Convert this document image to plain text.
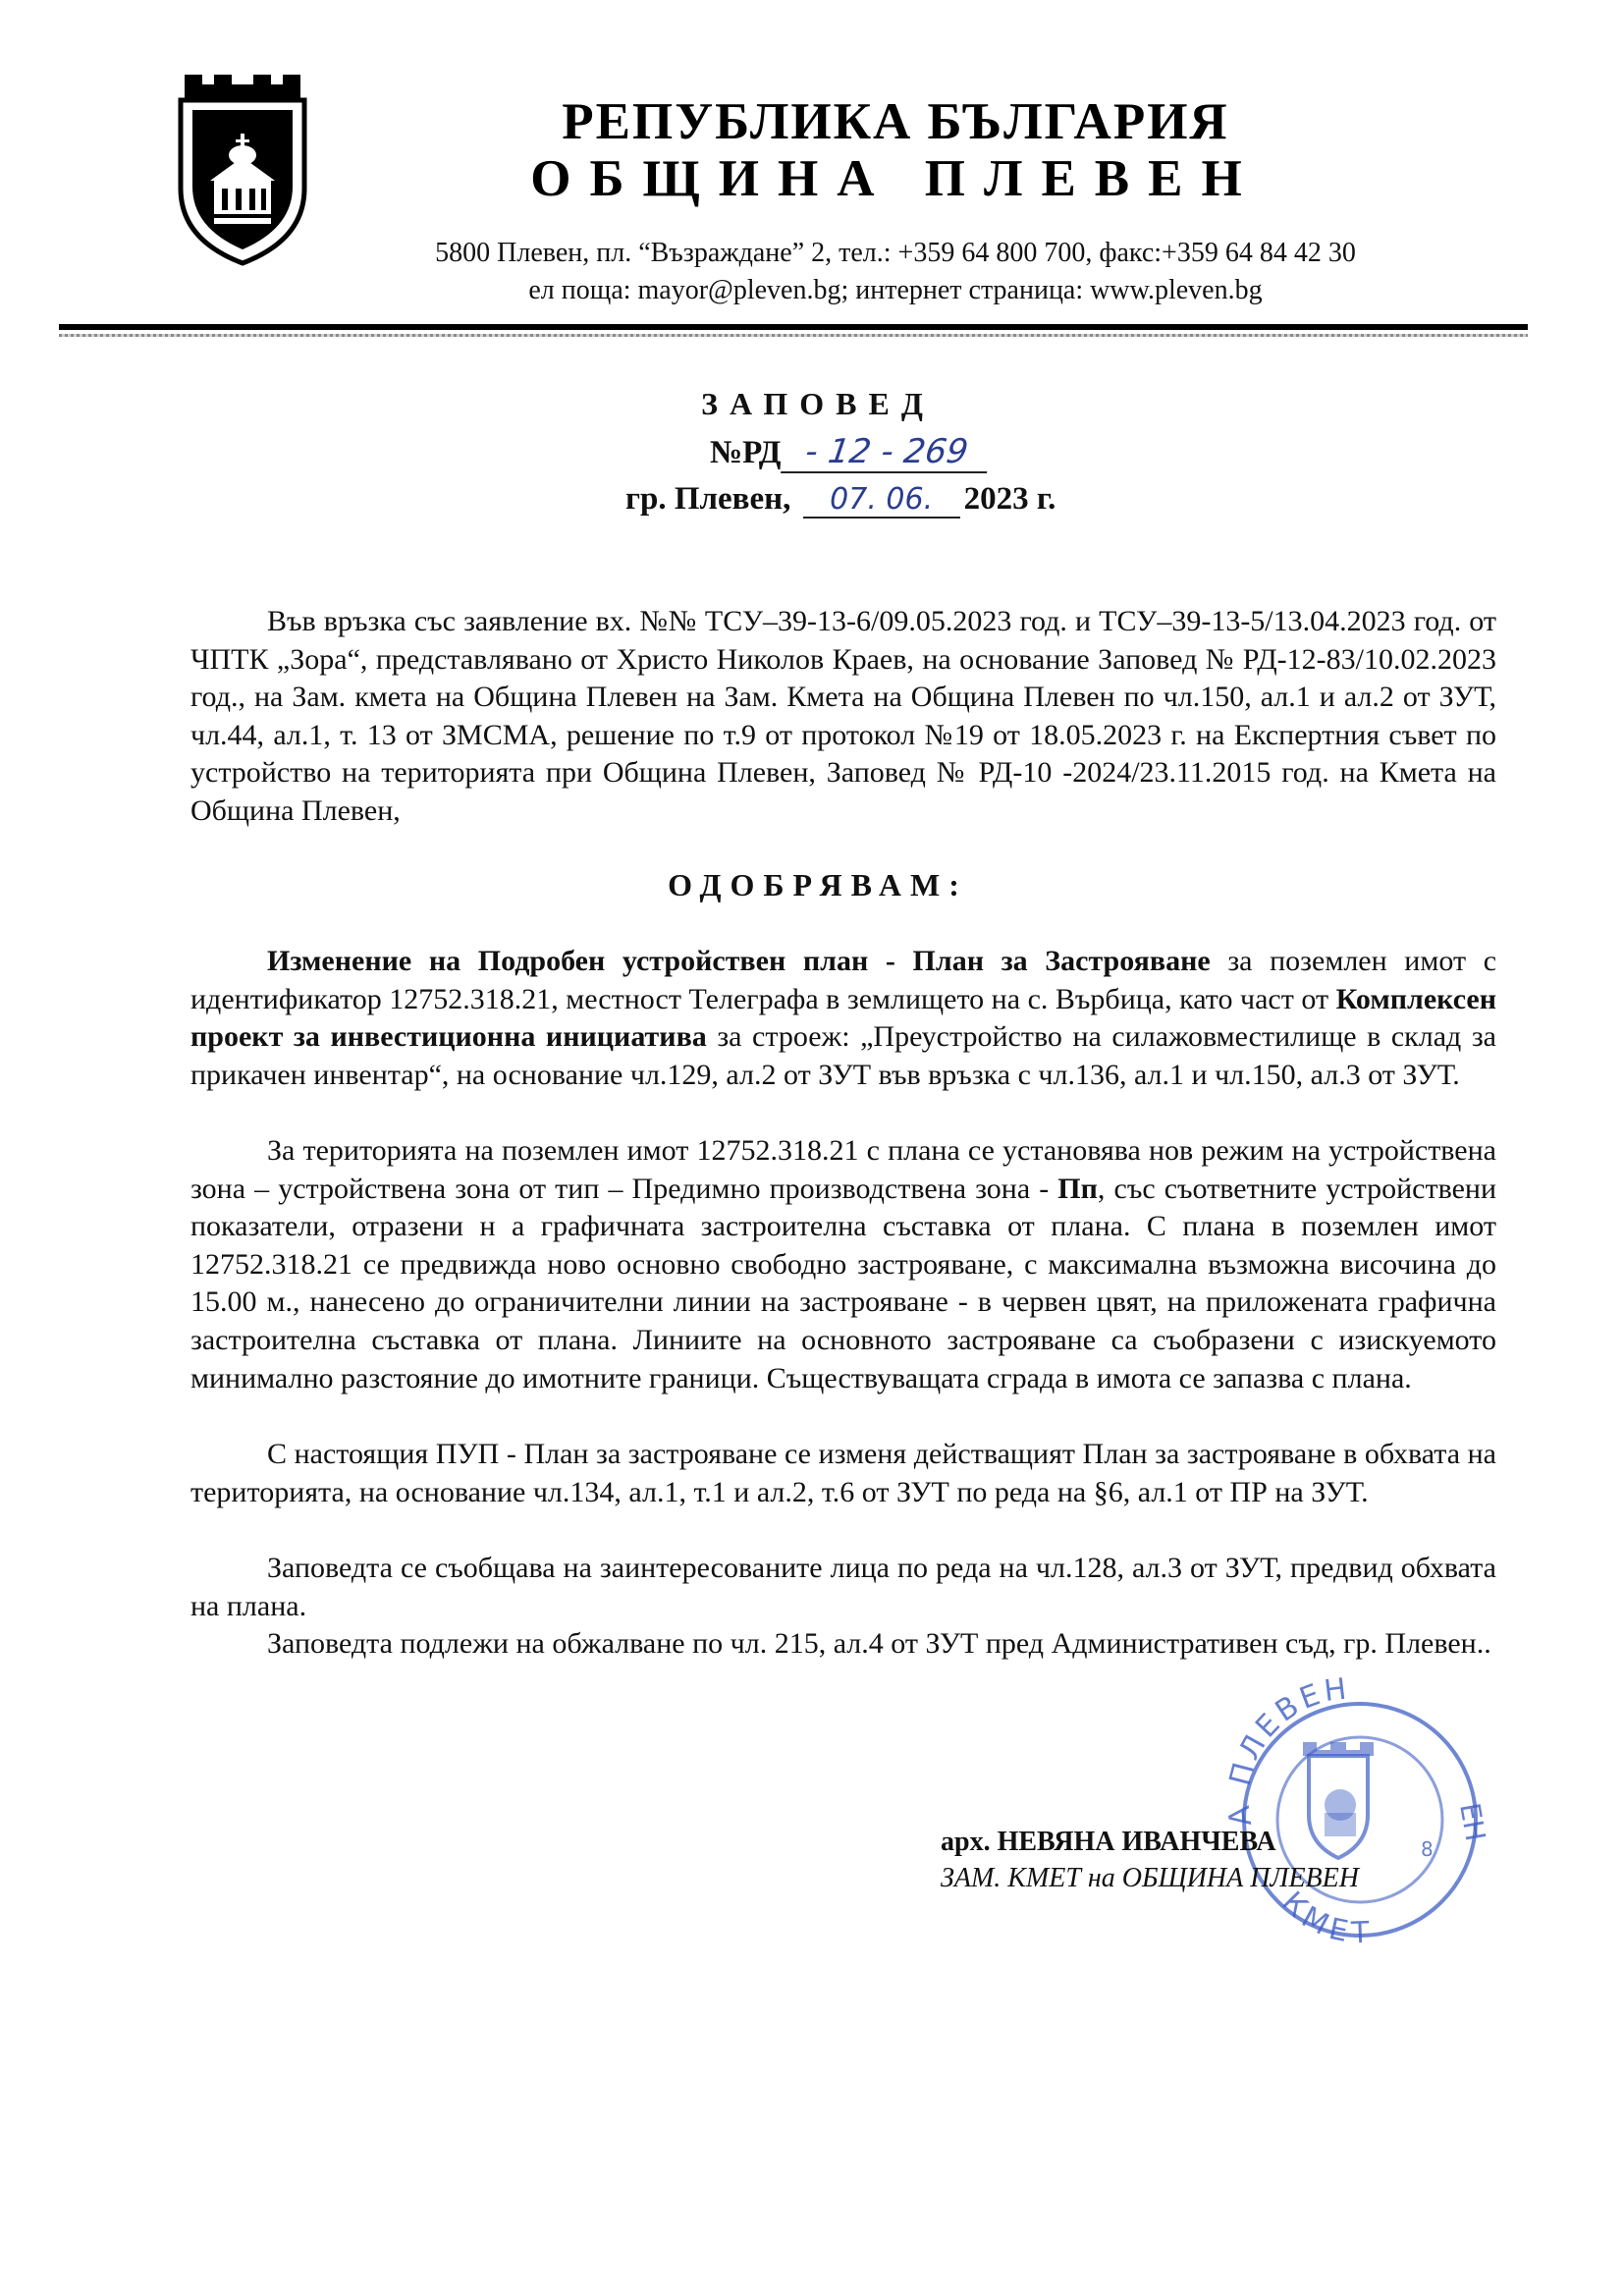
РЕПУБЛИКА БЪЛГАРИЯ
ОБЩИНА ПЛЕВЕН
5800 Плевен, пл. “Възраждане” 2, тел.: +359 64 800 700, факс:+359 64 84 42 30
ел поща: mayor@pleven.bg; интернет страница: www.pleven.bg
ЗАПОВЕД
№РД - 12 - 269
гр. Плевен, 07. 06. 2023 г.
Във връзка със заявление вх. №№ ТСУ–39-13-6/09.05.2023 год. и ТСУ–39-13-5/13.04.2023 год. от ЧПТК „Зора“, представлявано от Христо Николов Краев, на основание Заповед № РД-12-83/10.02.2023 год., на Зам. кмета на Община Плевен на Зам. Кмета на Община Плевен по чл.150, ал.1 и ал.2 от ЗУТ, чл.44, ал.1, т. 13 от ЗМСМА, решение по т.9 от протокол №19 от 18.05.2023 г. на Експертния съвет по устройство на територията при Община Плевен, Заповед № РД-10 -2024/23.11.2015 год. на Кмета на Община Плевен,
ОДОБРЯВАМ:
Изменение на Подробен устройствен план - План за Застрояване за поземлен имот с идентификатор 12752.318.21, местност Телеграфа в землището на с. Върбица, като част от Комплексен проект за инвестиционна инициатива за строеж: „Преустройство на силажовместилище в склад за прикачен инвентар“, на основание чл.129, ал.2 от ЗУТ във връзка с чл.136, ал.1 и чл.150, ал.3 от ЗУТ.
За територията на поземлен имот 12752.318.21 с плана се установява нов режим на устройствена зона – устройствена зона от тип – Предимно производствена зона - Пп, със съответните устройствени показатели, отразени н а графичната застроителна съставка от плана. С плана в поземлен имот 12752.318.21 се предвижда ново основно свободно застрояване, с максимална възможна височина до 15.00 м., нанесено до ограничителни линии на застрояване - в червен цвят, на приложената графична застроителна съставка от плана. Линиите на основното застрояване са съобразени с изискуемото минимално разстояние до имотните граници. Съществуващата сграда в имота се запазва с плана.
С настоящия ПУП - План за застрояване се изменя действащият План за застрояване в обхвата на територията, на основание чл.134, ал.1, т.1 и ал.2, т.6 от ЗУТ по реда на §6, ал.1 от ПР на ЗУТ.
Заповедта се съобщава на заинтересованите лица по реда на чл.128, ал.3 от ЗУТ, предвид обхвата на плана.
Заповедта подлежи на обжалване по чл. 215, ал.4 от ЗУТ пред Административен съд, гр. Плевен..
А ПЛЕВЕН
ЕН
КМЕТ
8
арх. НЕВЯНА ИВАНЧЕВА
ЗАМ. КМЕТ на ОБЩИНА ПЛЕВЕН
